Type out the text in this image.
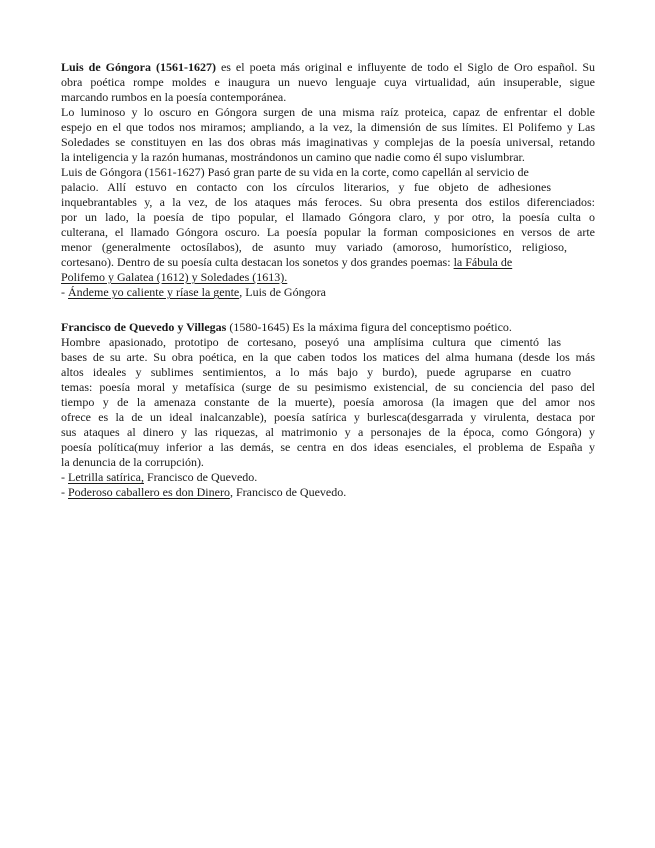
Luis de Góngora (1561-1627) es el poeta más original e influyente de todo el Siglo de Oro español. Su
obra poética rompe moldes e inaugura un nuevo lenguaje cuya virtualidad, aún insuperable, sigue
marcando rumbos en la poesía contemporánea.
Lo luminoso y lo oscuro en Góngora surgen de una misma raíz proteica, capaz de enfrentar el doble
espejo en el que todos nos miramos; ampliando, a la vez, la dimensión de sus límites. El Polifemo y Las
Soledades se constituyen en las dos obras más imaginativas y complejas de la poesía universal, retando
la inteligencia y la razón humanas, mostrándonos un camino que nadie como él supo vislumbrar.
Luis de Góngora (1561-1627) Pasó gran parte de su vida en la corte, como capellán al servicio de
palacio. Allí estuvo en contacto con los círculos literarios, y fue objeto de adhesiones
inquebrantables y, a la vez, de los ataques más feroces. Su obra presenta dos estilos diferenciados:
por un lado, la poesía de tipo popular, el llamado Góngora claro, y por otro, la poesía culta o
culterana, el llamado Góngora oscuro. La poesía popular la forman composiciones en versos de arte
menor (generalmente octosílabos), de asunto muy variado (amoroso, humorístico, religioso,
cortesano). Dentro de su poesía culta destacan los sonetos y dos grandes poemas: la Fábula de
Polifemo y Galatea (1612) y Soledades (1613).
- Ándeme yo caliente y ríase la gente, Luis de Góngora
Francisco de Quevedo y Villegas (1580-1645) Es la máxima figura del conceptismo poético.
Hombre apasionado, prototipo de cortesano, poseyó una amplísima cultura que cimentó las
bases de su arte. Su obra poética, en la que caben todos los matices del alma humana (desde los más
altos ideales y sublimes sentimientos, a lo más bajo y burdo), puede agruparse en cuatro
temas: poesía moral y metafísica (surge de su pesimismo existencial, de su conciencia del paso del
tiempo y de la amenaza constante de la muerte), poesía amorosa (la imagen que del amor nos
ofrece es la de un ideal inalcanzable), poesía satírica y burlesca(desgarrada y virulenta, destaca por
sus ataques al dinero y las riquezas, al matrimonio y a personajes de la época, como Góngora) y
poesía política(muy inferior a las demás, se centra en dos ideas esenciales, el problema de España y
la denuncia de la corrupción).
- Letrilla satírica, Francisco de Quevedo.
- Poderoso caballero es don Dinero, Francisco de Quevedo.
